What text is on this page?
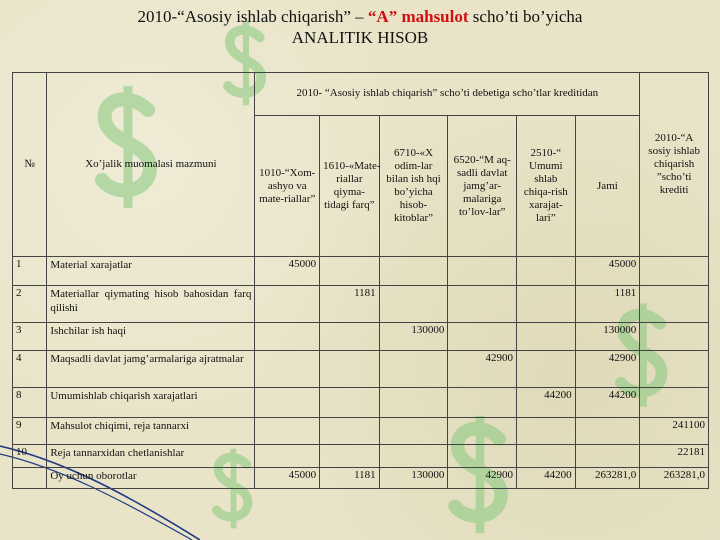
2010-“Asosiy ishlab chiqarish” – “A” mahsulot scho’ti bo’yicha
ANALITIK HISOB
№	Xo’jalik muomalasi mazmuni	2010- “Asosiy ishlab chiqarish” scho’ti debetiga scho’tlar kreditidan						2010-“A sosiy ishlab chiqarish ”scho’ti krediti
		1010-“Xom-ashyo va mate-riallar”	1610-«Mate-riallar qiyma-tidagi farq”	6710-«X odim-lar bilan ish hqi bo’yicha hisob-kitoblar”	6520-“M aq-sadli davlat jamg’ar-malariga to’lov-lar”	2510-“ Umumi shlab chiqa-rish xarajat-lari”	Jami	
1	Material xarajatlar	45000					45000	
2	Materiallar qiymating hisob bahosidan farq qilishi		1181				1181	
3	Ishchilar ish haqi			130000			130000	
4	Maqsadli davlat jamg’armalariga ajratmalar				42900		42900	
8	Umumishlab chiqarish xarajatlari					44200	44200	
9	Mahsulot chiqimi, reja tannarxi							241100
10	Reja tannarxidan chetlanishlar							22181
	Oy uchun oborotlar	45000	1181	130000	42900	44200	263281,0	263281,0
